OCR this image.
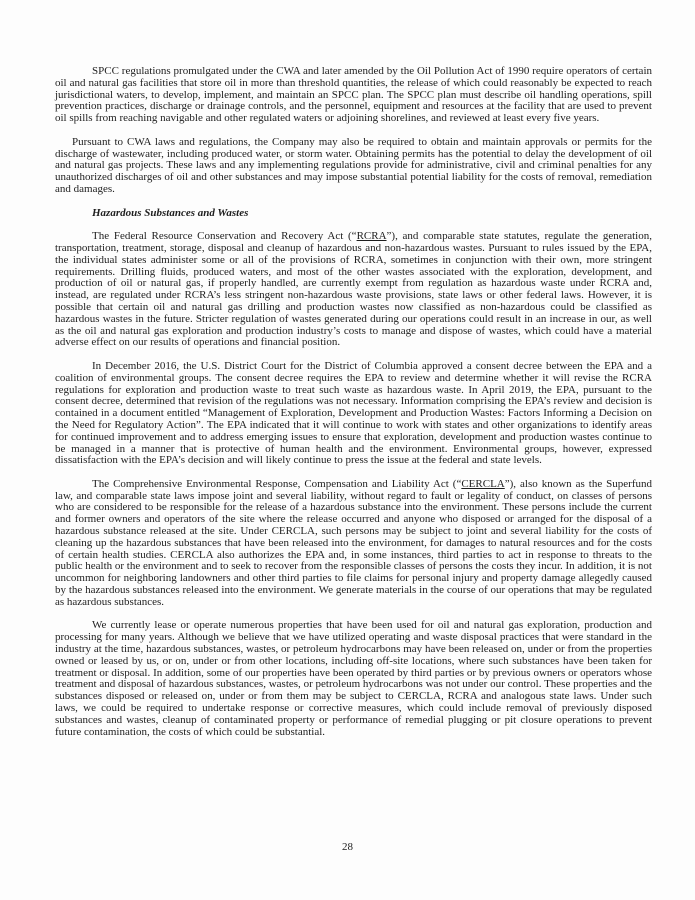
SPCC regulations promulgated under the CWA and later amended by the Oil Pollution Act of 1990 require operators of certain oil and natural gas facilities that store oil in more than threshold quantities, the release of which could reasonably be expected to reach jurisdictional waters, to develop, implement, and maintain an SPCC plan. The SPCC plan must describe oil handling operations, spill prevention practices, discharge or drainage controls, and the personnel, equipment and resources at the facility that are used to prevent oil spills from reaching navigable and other regulated waters or adjoining shorelines, and reviewed at least every five years.

Pursuant to CWA laws and regulations, the Company may also be required to obtain and maintain approvals or permits for the discharge of wastewater, including produced water, or storm water. Obtaining permits has the potential to delay the development of oil and natural gas projects. These laws and any implementing regulations provide for administrative, civil and criminal penalties for any unauthorized discharges of oil and other substances and may impose substantial potential liability for the costs of removal, remediation and damages.

Hazardous Substances and Wastes

The Federal Resource Conservation and Recovery Act (“RCRA”), and comparable state statutes, regulate the generation, transportation, treatment, storage, disposal and cleanup of hazardous and non-hazardous wastes. Pursuant to rules issued by the EPA, the individual states administer some or all of the provisions of RCRA, sometimes in conjunction with their own, more stringent requirements. Drilling fluids, produced waters, and most of the other wastes associated with the exploration, development, and production of oil or natural gas, if properly handled, are currently exempt from regulation as hazardous waste under RCRA and, instead, are regulated under RCRA’s less stringent non-hazardous waste provisions, state laws or other federal laws. However, it is possible that certain oil and natural gas drilling and production wastes now classified as non-hazardous could be classified as hazardous wastes in the future. Stricter regulation of wastes generated during our operations could result in an increase in our, as well as the oil and natural gas exploration and production industry’s costs to manage and dispose of wastes, which could have a material adverse effect on our results of operations and financial position.

In December 2016, the U.S. District Court for the District of Columbia approved a consent decree between the EPA and a coalition of environmental groups. The consent decree requires the EPA to review and determine whether it will revise the RCRA regulations for exploration and production waste to treat such waste as hazardous waste. In April 2019, the EPA, pursuant to the consent decree, determined that revision of the regulations was not necessary. Information comprising the EPA’s review and decision is contained in a document entitled “Management of Exploration, Development and Production Wastes: Factors Informing a Decision on the Need for Regulatory Action”. The EPA indicated that it will continue to work with states and other organizations to identify areas for continued improvement and to address emerging issues to ensure that exploration, development and production wastes continue to be managed in a manner that is protective of human health and the environment. Environmental groups, however, expressed dissatisfaction with the EPA’s decision and will likely continue to press the issue at the federal and state levels.

The Comprehensive Environmental Response, Compensation and Liability Act (“CERCLA”), also known as the Superfund law, and comparable state laws impose joint and several liability, without regard to fault or legality of conduct, on classes of persons who are considered to be responsible for the release of a hazardous substance into the environment. These persons include the current and former owners and operators of the site where the release occurred and anyone who disposed or arranged for the disposal of a hazardous substance released at the site. Under CERCLA, such persons may be subject to joint and several liability for the costs of cleaning up the hazardous substances that have been released into the environment, for damages to natural resources and for the costs of certain health studies. CERCLA also authorizes the EPA and, in some instances, third parties to act in response to threats to the public health or the environment and to seek to recover from the responsible classes of persons the costs they incur. In addition, it is not uncommon for neighboring landowners and other third parties to file claims for personal injury and property damage allegedly caused by the hazardous substances released into the environment. We generate materials in the course of our operations that may be regulated as hazardous substances.

We currently lease or operate numerous properties that have been used for oil and natural gas exploration, production and processing for many years. Although we believe that we have utilized operating and waste disposal practices that were standard in the industry at the time, hazardous substances, wastes, or petroleum hydrocarbons may have been released on, under or from the properties owned or leased by us, or on, under or from other locations, including off-site locations, where such substances have been taken for treatment or disposal. In addition, some of our properties have been operated by third parties or by previous owners or operators whose treatment and disposal of hazardous substances, wastes, or petroleum hydrocarbons was not under our control. These properties and the substances disposed or released on, under or from them may be subject to CERCLA, RCRA and analogous state laws. Under such laws, we could be required to undertake response or corrective measures, which could include removal of previously disposed substances and wastes, cleanup of contaminated property or performance of remedial plugging or pit closure operations to prevent future contamination, the costs of which could be substantial.

28
